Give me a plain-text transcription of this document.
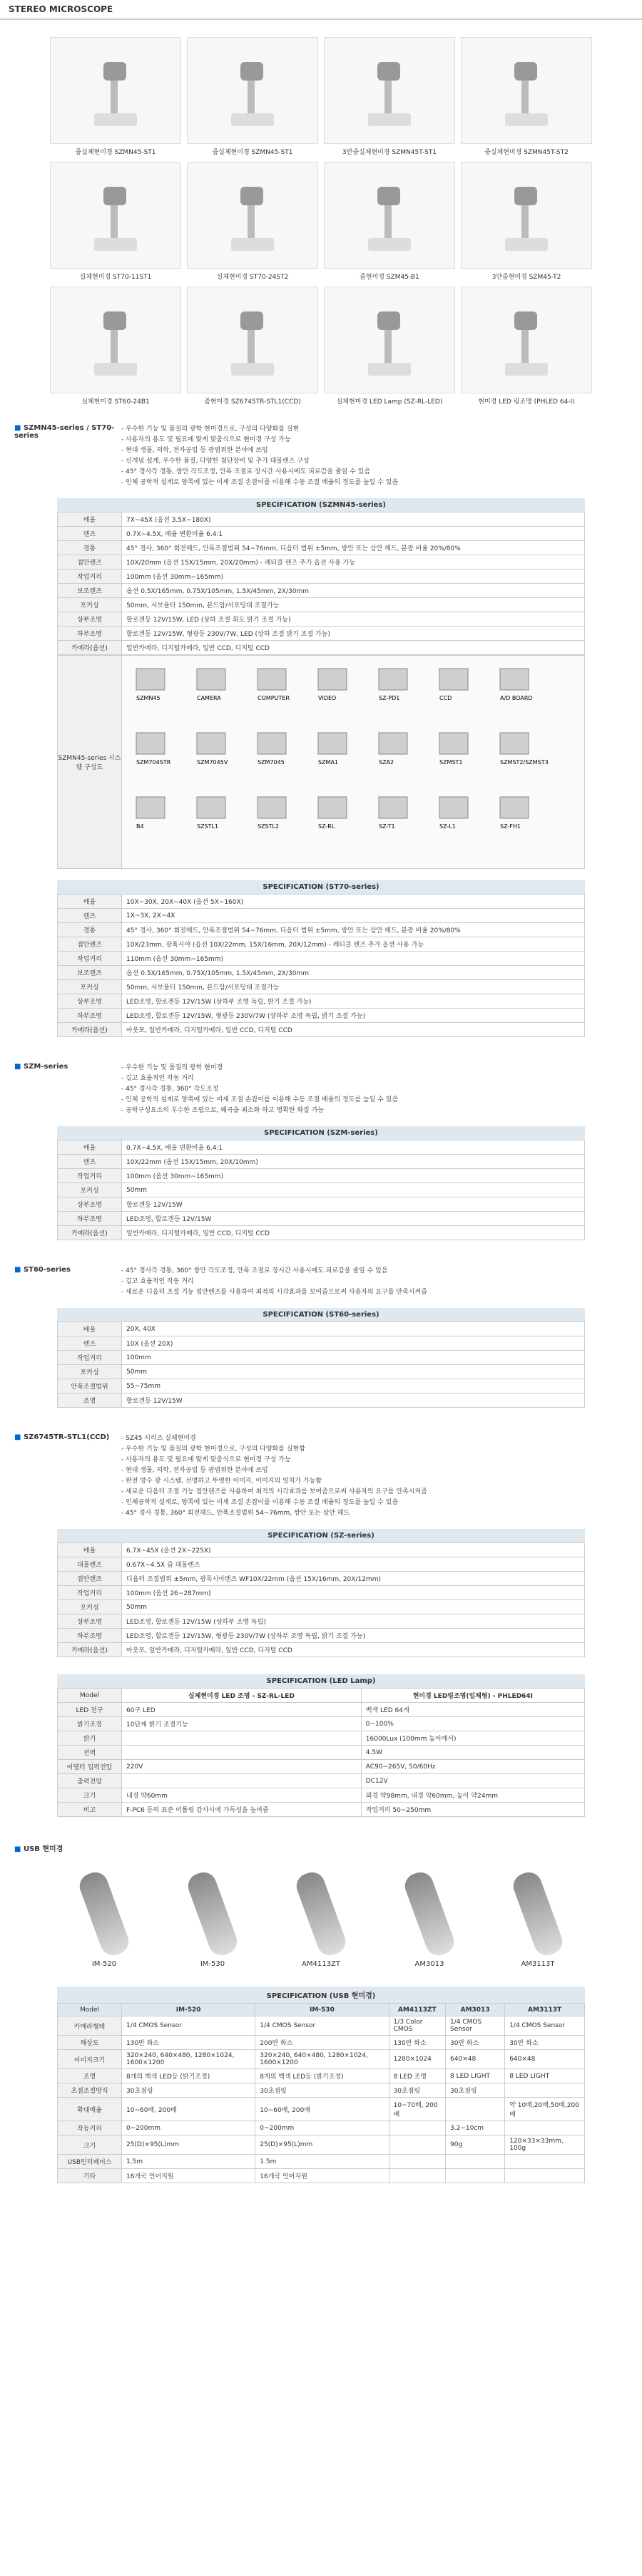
STEREO MICROSCOPE
줌실체현미경 SZMN45-ST1	줌실체현미경 SZMN45-ST1	3안줌실체현미경 SZMN45T-ST1	줌실체현미경 SZMN45T-ST2
실체현미경 ST70-11ST1	실체현미경 ST70-24ST2	줌현미경 SZM45-B1	3안줌현미경 SZM45-T2
실체현미경 ST60-24B1	줌현미경 SZ6745TR-STL1(CCD)	실체현미경 LED Lamp (SZ-RL-LED)	현미경 LED 링조명 (PHLED 64-I)
■ SZMN45-series / ST70-series
- 우수한 기능 및 품질의 광학 현미경으로, 구성의 다양화를 실현
- 사용자의 용도 및 필요에 맞게 맞춤식으로 현미경 구성 가능
- 현대 생물, 의학, 전자공업 등 광범위한 분야에 쓰임
- 신개념 설계, 우수한 품질, 다양한 첨단장비 및 추가 대물렌즈 구성
- 45° 경사각 경통, 쌍안 각도조정, 안폭 조절로 장시간 사용시에도 피로감을 줄일 수 있음
- 인체 공학적 설계로 양쪽에 있는 미세 조절 손잡이를 이용해 수동 조절 배율의 정도를 높일 수 있음
SPECIFICATION (SZMN45-series)
배율	7X~45X (옵션 3.5X~180X)
렌즈	0.7X~4.5X, 배율 변환비율 6.4:1
경통	45° 경사, 360° 회전헤드, 안폭조절범위 54~76mm, 디옵터 범위 ±5mm, 쌍안 또는 삼안 헤드, 분광 비율 20%/80%
접안렌즈	10X/20mm (옵션 15X/15mm, 20X/20mm) - 레티클 렌즈 추가 옵션 사용 가능
작업거리	100mm (옵션 30mm~165mm)
보조렌즈	옵션 0.5X/165mm, 0.75X/105mm, 1.5X/45mm, 2X/30mm
포커싱	50mm, 서보플터 150mm, 본드암/서포팅대 조절가능
상부조명	할로겐등 12V/15W, LED (상하 조절 휘도 밝기 조절 가능)
하부조명	할로겐등 12V/15W, 형광등 230V/7W, LED (상하 조절 밝기 조절 가능)
카메라(옵션)	일반카메라, 디지털카메라, 일반 CCD, 디지털 CCD
SZMN45-series 시스템 구성도
SZMN45	CAMERA	COMPUTER	VIDEO	SZ-PD1	CCD	A/D BOARD
SZM704STR	SZM7045V	SZM7045	SZMA1	SZA2	SZMST1	SZMST2/SZMST3
B4	SZSTL1	SZSTL2	SZ-RL	SZ-T1	SZ-L1	SZ-FH1
SPECIFICATION (ST70-series)
배율	10X~30X, 20X~40X (옵션 5X~160X)
렌즈	1X~3X, 2X~4X
경통	45° 경사, 360° 회전헤드, 안폭조절범위 54~76mm, 디옵터 범위 ±5mm, 쌍안 또는 삼안 헤드, 분광 비율 20%/80%
접안렌즈	10X/23mm, 광폭시야 (옵션 10X/22mm, 15X/16mm, 20X/12mm) - 레티클 렌즈 추가 옵션 사용 가능
작업거리	110mm (옵션 30mm~165mm)
보조렌즈	옵션 0.5X/165mm, 0.75X/105mm, 1.5X/45mm, 2X/30mm
포커싱	50mm, 서보플터 150mm, 본드암/서포팅대 조절가능
상부조명	LED조명, 할로겐등 12V/15W (상하부 조명 독립, 밝기 조절 가능)
하부조명	LED조명, 할로겐등 12V/15W, 형광등 230V/7W (상하부 조명 독립, 밝기 조절 가능)
카메라(옵션)	아웃포, 일반카메라, 디지털카메라, 일반 CCD, 디지털 CCD
■ SZM-series	- 우수한 기능 및 품질의 광학 현미경
- 길고 효율적인 작동 거리
- 45° 경사각 경통, 360° 각도조정
- 인체 공학적 설계로 양쪽에 있는 미세 조절 손잡이를 이용해 수동 조절 배율의 정도를 높일 수 있음
- 공학구성요소의 우수한 조립으로, 왜곡을 최소화 하고 명확한 화질 가능
SPECIFICATION (SZM-series)
배율	0.7X~4.5X, 배율 변환비율 6.4:1
렌즈	10X/22mm (옵션 15X/15mm, 20X/10mm)
작업거리	100mm (옵션 30mm~165mm)
포커싱	50mm
상부조명	할로겐등 12V/15W
하부조명	LED조명, 할로겐등 12V/15W
카메라(옵션)	일반카메라, 디지털카메라, 일반 CCD, 디지털 CCD
■ ST60-series	- 45° 경사각 경통, 360° 쌍안 각도조정, 안폭 조절로 장시간 사용시에도 피로감을 줄일 수 있음
- 길고 효율적인 작동 거리
- 새로운 디옵터 조절 기능 접안렌즈를 사용하여 최적의 시각효과를 보여줌으로써 사용자의 요구를 만족시켜줌
SPECIFICATION (ST60-series)
배율	20X, 40X
렌즈	10X (옵션 20X)
작업거리	100mm
포커싱	50mm
안폭조절범위	55~75mm
조명	할로겐등 12V/15W
■ SZ6745TR-STL1(CCD)	- SZ45 시리즈 실체현미경
- 우수한 기능 및 품질의 광학 현미경으로, 구성의 다양화를 실현함
- 사용자의 용도 및 필요에 맞게 맞춤식으로 현미경 구성 가능
- 현대 생물, 의학, 전자공업 등 광범위한 분야에 쓰임
- 완전 방수 광 시스템, 선명하고 뚜렷한 이미지, 이미지의 일치가 가능함
- 새로운 디옵터 조절 기능 접안렌즈를 사용하여 최적의 시각효과를 보여줌으로써 사용자의 요구를 만족시켜줌
- 인체공학적 설계로, 양쪽에 있는 미세 조절 손잡이를 이용해 수동 조절 배율의 정도를 높일 수 있음
- 45° 경사 경통, 360° 회전헤드, 안폭조절범위 54~76mm, 쌍안 또는 삼안 헤드
SPECIFICATION (SZ-series)
배율	6.7X~45X (옵션 2X~225X)
대물렌즈	0.67X~4.5X 줌 대물렌즈
접안렌즈	디옵터 조절범위 ±5mm, 광폭시야렌즈 WF10X/22mm (옵션 15X/16mm, 20X/12mm)
작업거리	100mm (옵션 26~287mm)
포커싱	50mm
상부조명	LED조명, 할로겐등 12V/15W (상하부 조명 독립)
하부조명	LED조명, 할로겐등 12V/15W, 형광등 230V/7W (상하부 조명 독립, 밝기 조절 가능)
카메라(옵션)	아웃포, 일반카메라, 디지털카메라, 일반 CCD, 디지털 CCD
SPECIFICATION (LED Lamp)
Model	실체현미경 LED 조명 - SZ-RL-LED	현미경 LED링조명(일체형) - PHLED64I
LED 전구	60구 LED	백색 LED 64개
밝기조정	10단계 밝기 조절기능	0~100%
밝기		16000Lux (100mm 높이에서)
전력		4.5W
어댑터 입력전압	220V	AC90~265V, 50/60Hz
출력전압		DC12V
크기	내경 약60mm	외경 약98mm, 내경 약60mm, 높이 약24mm
비고	F-PC6 등의 표준 미톨링 감사시에 가득성을 높여줌	작업거리 50~250mm
■ USB 현미경
IM-520	IM-530	AM4113ZT	AM3013	AM3113T
SPECIFICATION (USB 현미경)
Model	IM-520	IM-530	AM4113ZT	AM3013	AM3113T
카메라형태	1/4 CMOS Sensor	1/4 CMOS Sensor	1/3 Color CMOS	1/4 CMOS Sensor	1/4 CMOS Sensor
해상도	130만 화소	200만 화소	130만 화소	30만 화소	30만 화소
이미지크기	320×240, 640×480, 1280×1024, 1600×1200	320×240, 640×480, 1280×1024, 1600×1200	1280×1024	640×48	640×48
조명	8개의 백색 LED등 (밝기조정)	8개의 백색 LED등 (밝기조정)	8 LED 조명	8 LED LIGHT	8 LED LIGHT
초점조절방식	30초점링	30초점링	30초점링	30초점링	
확대배율	10~60배, 200배	10~60배, 200배	10~70배, 200배		약 10배,20배,50배,200배
작동거리	0~200mm	0~200mm		3.2~10cm	
크기	25(D)×95(L)mm	25(D)×95(L)mm		90g	120×33×33mm, 100g
USB인터페이스	1.5m	1.5m			
기타	16개국 언어지원	16개국 언어지원			
